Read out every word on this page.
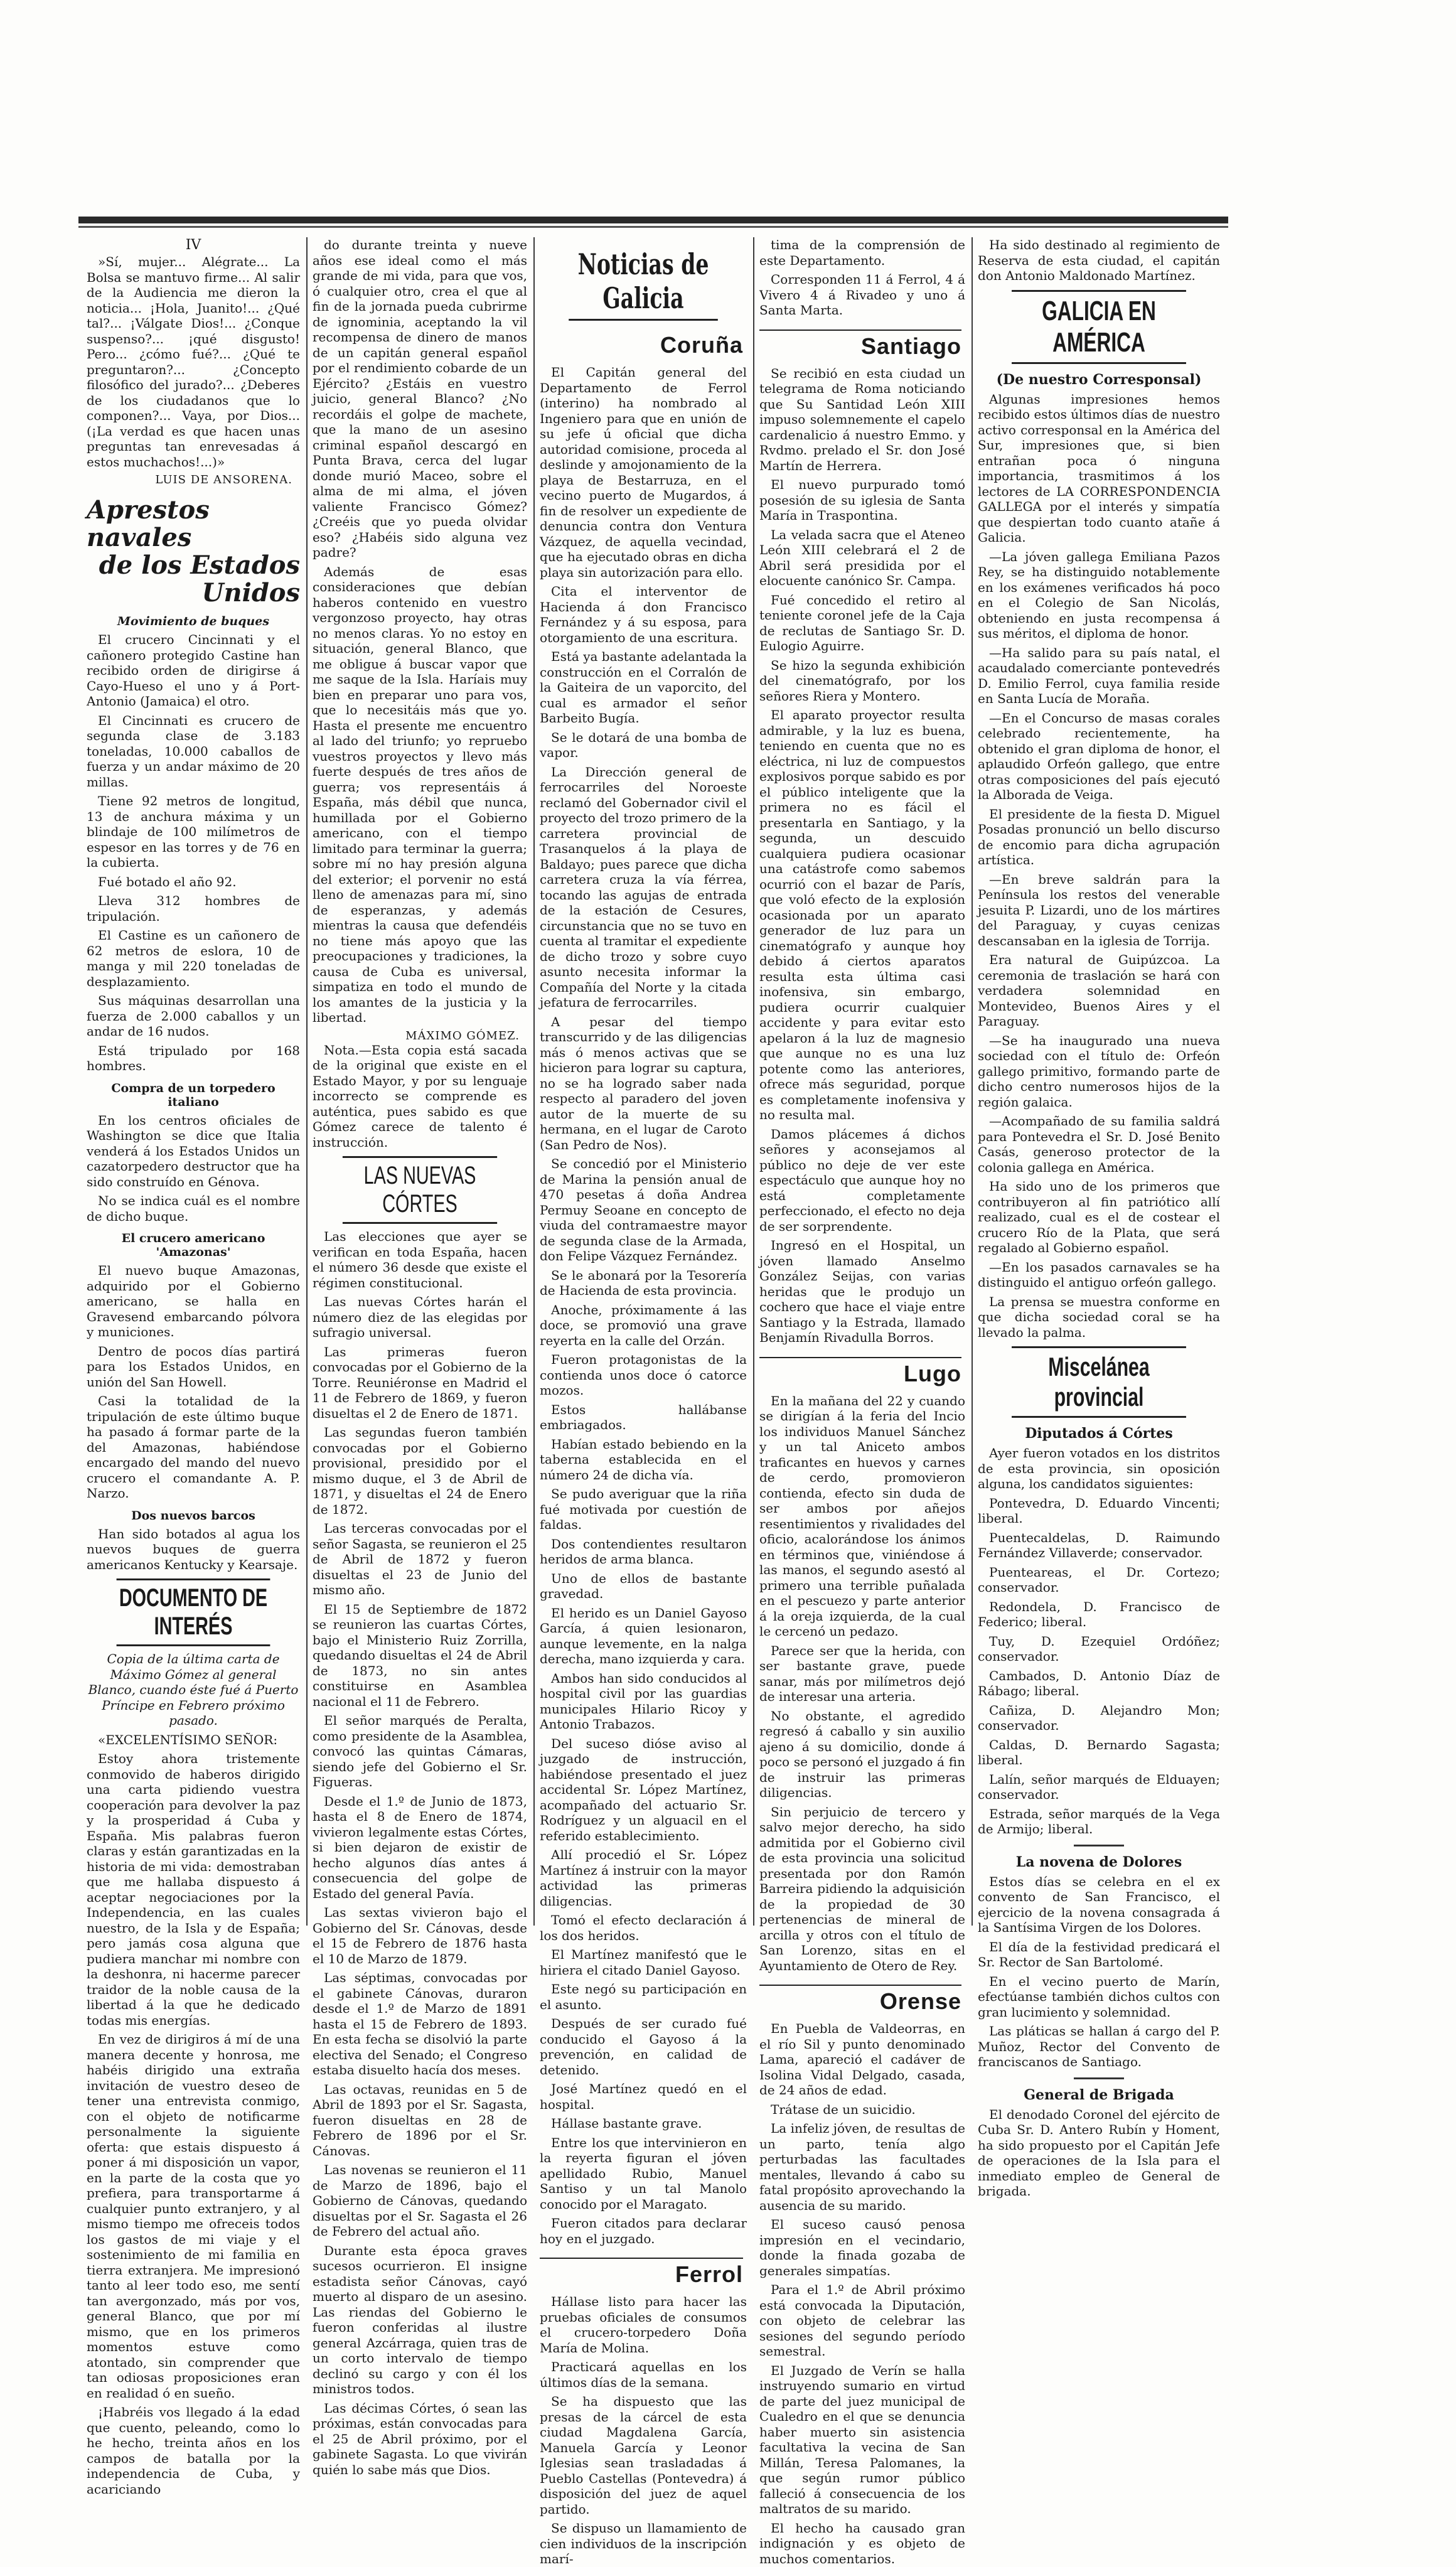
IV

»Sí, mujer... Alégrate... La Bolsa se mantuvo firme... Al salir de la Audiencia me dieron la noticia... ¡Hola, Juanito!... ¿Qué tal?... ¡Válgate Dios!... ¿Conque suspenso?... ¡qué disgusto! Pero... ¿cómo fué?... ¿Qué te preguntaron?... ¿Concepto filosófico del jurado?... ¿Deberes de los ciudadanos que lo componen?... Vaya, por Dios... (¡La verdad es que hacen unas preguntas tan enrevesadas á estos muchachos!...)»

LUIS DE ANSORENA.
Aprestos navales
de los Estados Unidos
Movimiento de buques

El crucero Cincinnati y el cañonero protegido Castine han recibido orden de dirigirse á Cayo-Hueso el uno y á Port-Antonio (Jamaica) el otro.

El Cincinnati es crucero de segunda clase de 3.183 toneladas, 10.000 caballos de fuerza y un andar máximo de 20 millas.

Tiene 92 metros de longitud, 13 de anchura máxima y un blindaje de 100 milímetros de espesor en las torres y de 76 en la cubierta.

Fué botado el año 92.

Lleva 312 hombres de tripulación.

El Castine es un cañonero de 62 metros de eslora, 10 de manga y mil 220 toneladas de desplazamiento.

Sus máquinas desarrollan una fuerza de 2.000 caballos y un andar de 16 nudos.

Está tripulado por 168 hombres.

Compra de un torpedero italiano

En los centros oficiales de Washington se dice que Italia venderá á los Estados Unidos un cazatorpedero destructor que ha sido construído en Génova.

No se indica cuál es el nombre de dicho buque.

El crucero americano 'Amazonas'

El nuevo buque Amazonas, adquirido por el Gobierno americano, se halla en Gravesend embarcando pólvora y municiones.

Dentro de pocos días partirá para los Estados Unidos, en unión del San Howell.

Casi la totalidad de la tripulación de este último buque ha pasado á formar parte de la del Amazonas, habiéndose encargado del mando del nuevo crucero el comandante A. P. Narzo.

Dos nuevos barcos

Han sido botados al agua los nuevos buques de guerra americanos Kentucky y Kearsaje.

DOCUMENTO DE INTERÉS

Copia de la última carta de Máximo Gómez al general Blanco, cuando éste fué á Puerto Príncipe en Febrero próximo pasado.

«EXCELENTÍSIMO SEÑOR:

Estoy ahora tristemente conmovido de haberos dirigido una carta pidiendo vuestra cooperación para devolver la paz y la prosperidad á Cuba y España. Mis palabras fueron claras y están garantizadas en la historia de mi vida: demostraban que me hallaba dispuesto á aceptar negociaciones por la Independencia, en las cuales nuestro, de la Isla y de España; pero jamás cosa alguna que pudiera manchar mi nombre con la deshonra, ni hacerme parecer traidor de la noble causa de la libertad á la que he dedicado todas mis energías.

En vez de dirigiros á mí de una manera decente y honrosa, me habéis dirigido una extraña invitación de vuestro deseo de tener una entrevista conmigo, con el objeto de notificarme personalmente la siguiente oferta: que estais dispuesto á poner á mi disposición un vapor, en la parte de la costa que yo prefiera, para transportarme á cualquier punto extranjero, y al mismo tiempo me ofreceis todos los gastos de mi viaje y el sostenimiento de mi familia en tierra extranjera. Me impresionó tanto al leer todo eso, me sentí tan avergonzado, más por vos, general Blanco, que por mí mismo, que en los primeros momentos estuve como atontado, sin comprender que tan odiosas proposiciones eran en realidad ó en sueño.

¡Habréis vos llegado á la edad que cuento, peleando, como lo he hecho, treinta años en los campos de batalla por la independencia de Cuba, y acariciando

do durante treinta y nueve años ese ideal como el más grande de mi vida, para que vos, ó cualquier otro, crea el que al fin de la jornada pueda cubrirme de ignominia, aceptando la vil recompensa de dinero de manos de un capitán general español por el rendimiento cobarde de un Ejército? ¿Estáis en vuestro juicio, general Blanco? ¿No recordáis el golpe de machete, que la mano de un asesino criminal español descargó en Punta Brava, cerca del lugar donde murió Maceo, sobre el alma de mi alma, el jóven valiente Francisco Gómez? ¿Creéis que yo pueda olvidar eso? ¿Habéis sido alguna vez padre?

Además de esas consideraciones que debían haberos contenido en vuestro vergonzoso proyecto, hay otras no menos claras. Yo no estoy en situación, general Blanco, que me obligue á buscar vapor que me saque de la Isla. Haríais muy bien en preparar uno para vos, que lo necesitáis más que yo. Hasta el presente me encuentro al lado del triunfo; yo repruebo vuestros proyectos y llevo más fuerte después de tres años de guerra; vos representáis á España, más débil que nunca, humillada por el Gobierno americano, con el tiempo limitado para terminar la guerra; sobre mí no hay presión alguna del exterior; el porvenir no está lleno de amenazas para mí, sino de esperanzas, y además mientras la causa que defendéis no tiene más apoyo que las preocupaciones y tradiciones, la causa de Cuba es universal, simpatiza en todo el mundo de los amantes de la justicia y la libertad.

MÁXIMO GÓMEZ.

Nota.—Esta copia está sacada de la original que existe en el Estado Mayor, y por su lenguaje incorrecto se comprende es auténtica, pues sabido es que Gómez carece de talento é instrucción.

LAS NUEVAS CÓRTES

Las elecciones que ayer se verifican en toda España, hacen el número 36 desde que existe el régimen constitucional.

Las nuevas Córtes harán el número diez de las elegidas por sufragio universal.

Las primeras fueron convocadas por el Gobierno de la Torre. Reuniéronse en Madrid el 11 de Febrero de 1869, y fueron disueltas el 2 de Enero de 1871.

Las segundas fueron también convocadas por el Gobierno provisional, presidido por el mismo duque, el 3 de Abril de 1871, y disueltas el 24 de Enero de 1872.

Las terceras convocadas por el señor Sagasta, se reunieron el 25 de Abril de 1872 y fueron disueltas el 23 de Junio del mismo año.

El 15 de Septiembre de 1872 se reunieron las cuartas Córtes, bajo el Ministerio Ruiz Zorrilla, quedando disueltas el 24 de Abril de 1873, no sin antes constituirse en Asamblea nacional el 11 de Febrero.

El señor marqués de Peralta, como presidente de la Asamblea, convocó las quintas Cámaras, siendo jefe del Gobierno el Sr. Figueras.

Desde el 1.º de Junio de 1873, hasta el 8 de Enero de 1874, vivieron legalmente estas Córtes, si bien dejaron de existir de hecho algunos días antes á consecuencia del golpe de Estado del general Pavía.

Las sextas vivieron bajo el Gobierno del Sr. Cánovas, desde el 15 de Febrero de 1876 hasta el 10 de Marzo de 1879.

Las séptimas, convocadas por el gabinete Cánovas, duraron desde el 1.º de Marzo de 1891 hasta el 15 de Febrero de 1893. En esta fecha se disolvió la parte electiva del Senado; el Congreso estaba disuelto hacía dos meses.

Las octavas, reunidas en 5 de Abril de 1893 por el Sr. Sagasta, fueron disueltas en 28 de Febrero de 1896 por el Sr. Cánovas.

Las novenas se reunieron el 11 de Marzo de 1896, bajo el Gobierno de Cánovas, quedando disueltas por el Sr. Sagasta el 26 de Febrero del actual año.

Durante esta época graves sucesos ocurrieron. El insigne estadista señor Cánovas, cayó muerto al disparo de un asesino. Las riendas del Gobierno le fueron conferidas al ilustre general Azcárraga, quien tras de un corto intervalo de tiempo declinó su cargo y con él los ministros todos.

Las décimas Córtes, ó sean las próximas, están convocadas para el 25 de Abril próximo, por el gabinete Sagasta. Lo que vivirán quién lo sabe más que Dios.

Noticias de Galicia
Coruña

El Capitán general del Departamento de Ferrol (interino) ha nombrado al Ingeniero para que en unión de su jefe ú oficial que dicha autoridad comisione, proceda al deslinde y amojonamiento de la playa de Bestarruza, en el vecino puerto de Mugardos, á fin de resolver un expediente de denuncia contra don Ventura Vázquez, de aquella vecindad, que ha ejecutado obras en dicha playa sin autorización para ello.

Cita el interventor de Hacienda á don Francisco Fernández y á su esposa, para otorgamiento de una escritura.

Está ya bastante adelantada la construcción en el Corralón de la Gaiteira de un vaporcito, del cual es armador el señor Barbeito Bugía.

Se le dotará de una bomba de vapor.

La Dirección general de ferrocarriles del Noroeste reclamó del Gobernador civil el proyecto del trozo primero de la carretera provincial de Trasanquelos á la playa de Baldayo; pues parece que dicha carretera cruza la vía férrea, tocando las agujas de entrada de la estación de Cesures, circunstancia que no se tuvo en cuenta al tramitar el expediente de dicho trozo y sobre cuyo asunto necesita informar la Compañía del Norte y la citada jefatura de ferrocarriles.

A pesar del tiempo transcurrido y de las diligencias más ó menos activas que se hicieron para lograr su captura, no se ha logrado saber nada respecto al paradero del joven autor de la muerte de su hermana, en el lugar de Caroto (San Pedro de Nos).

Se concedió por el Ministerio de Marina la pensión anual de 470 pesetas á doña Andrea Permuy Seoane en concepto de viuda del contramaestre mayor de segunda clase de la Armada, don Felipe Vázquez Fernández.

Se le abonará por la Tesorería de Hacienda de esta provincia.

Anoche, próximamente á las doce, se promovió una grave reyerta en la calle del Orzán.

Fueron protagonistas de la contienda unos doce ó catorce mozos.

Estos hallábanse embriagados.

Habían estado bebiendo en la taberna establecida en el número 24 de dicha vía.

Se pudo averiguar que la riña fué motivada por cuestión de faldas.

Dos contendientes resultaron heridos de arma blanca.

Uno de ellos de bastante gravedad.

El herido es un Daniel Gayoso García, á quien lesionaron, aunque levemente, en la nalga derecha, mano izquierda y cara.

Ambos han sido conducidos al hospital civil por las guardias municipales Hilario Ricoy y Antonio Trabazos.

Del suceso dióse aviso al juzgado de instrucción, habiéndose presentado el juez accidental Sr. López Martínez, acompañado del actuario Sr. Rodríguez y un alguacil en el referido establecimiento.

Allí procedió el Sr. López Martínez á instruir con la mayor actividad las primeras diligencias.

Tomó el efecto declaración á los dos heridos.

El Martínez manifestó que le hiriera el citado Daniel Gayoso.

Este negó su participación en el asunto.

Después de ser curado fué conducido el Gayoso á la prevención, en calidad de detenido.

José Martínez quedó en el hospital.

Hállase bastante grave.

Entre los que intervinieron en la reyerta figuran el jóven apellidado Rubio, Manuel Santiso y un tal Manolo conocido por el Maragato.

Fueron citados para declarar hoy en el juzgado.

Ferrol

Hállase listo para hacer las pruebas oficiales de consumos el crucero-torpedero Doña María de Molina.

Practicará aquellas en los últimos días de la semana.

Se ha dispuesto que las presas de la cárcel de esta ciudad Magdalena García, Manuela García y Leonor Iglesias sean trasladadas á Pueblo Castellas (Pontevedra) á disposición del juez de aquel partido.

Se dispuso un llamamiento de cien individuos de la inscripción marí-

tima de la comprensión de este Departamento.

Corresponden 11 á Ferrol, 4 á Vivero 4 á Rivadeo y uno á Santa Marta.

Santiago

Se recibió en esta ciudad un telegrama de Roma noticiando que Su Santidad León XIII impuso solemnemente el capelo cardenalicio á nuestro Emmo. y Rvdmo. prelado el Sr. don José Martín de Herrera.

El nuevo purpurado tomó posesión de su iglesia de Santa María in Traspontina.

La velada sacra que el Ateneo León XIII celebrará el 2 de Abril será presidida por el elocuente canónico Sr. Campa.

Fué concedido el retiro al teniente coronel jefe de la Caja de reclutas de Santiago Sr. D. Eulogio Aguirre.

Se hizo la segunda exhibición del cinematógrafo, por los señores Riera y Montero.

El aparato proyector resulta admirable, y la luz es buena, teniendo en cuenta que no es eléctrica, ni luz de compuestos explosivos porque sabido es por el público inteligente que la primera no es fácil el presentarla en Santiago, y la segunda, un descuido cualquiera pudiera ocasionar una catástrofe como sabemos ocurrió con el bazar de París, que voló efecto de la explosión ocasionada por un aparato generador de luz para un cinematógrafo y aunque hoy debido á ciertos aparatos resulta esta última casi inofensiva, sin embargo, pudiera ocurrir cualquier accidente y para evitar esto apelaron á la luz de magnesio que aunque no es una luz potente como las anteriores, ofrece más seguridad, porque es completamente inofensiva y no resulta mal.

Damos plácemes á dichos señores y aconsejamos al público no deje de ver este espectáculo que aunque hoy no está completamente perfeccionado, el efecto no deja de ser sorprendente.

Ingresó en el Hospital, un jóven llamado Anselmo González Seijas, con varias heridas que le produjo un cochero que hace el viaje entre Santiago y la Estrada, llamado Benjamín Rivadulla Borros.

Lugo

En la mañana del 22 y cuando se dirigían á la feria del Incio los individuos Manuel Sánchez y un tal Aniceto ambos traficantes en huevos y carnes de cerdo, promovieron contienda, efecto sin duda de ser ambos por añejos resentimientos y rivalidades del oficio, acalorándose los ánimos en términos que, viniéndose á las manos, el segundo asestó al primero una terrible puñalada en el pescuezo y parte anterior á la oreja izquierda, de la cual le cercenó un pedazo.

Parece ser que la herida, con ser bastante grave, puede sanar, más por milímetros dejó de interesar una arteria.

No obstante, el agredido regresó á caballo y sin auxilio ajeno á su domicilio, donde á poco se personó el juzgado á fin de instruir las primeras diligencias.

Sin perjuicio de tercero y salvo mejor derecho, ha sido admitida por el Gobierno civil de esta provincia una solicitud presentada por don Ramón Barreira pidiendo la adquisición de la propiedad de 30 pertenencias de mineral de arcilla y otros con el título de San Lorenzo, sitas en el Ayuntamiento de Otero de Rey.

Orense

En Puebla de Valdeorras, en el río Sil y punto denominado Lama, apareció el cadáver de Isolina Vidal Delgado, casada, de 24 años de edad.

Trátase de un suicidio.

La infeliz jóven, de resultas de un parto, tenía algo perturbadas las facultades mentales, llevando á cabo su fatal propósito aprovechando la ausencia de su marido.

El suceso causó penosa impresión en el vecindario, donde la finada gozaba de generales simpatías.

Para el 1.º de Abril próximo está convocada la Diputación, con objeto de celebrar las sesiones del segundo período semestral.

El Juzgado de Verín se halla instruyendo sumario en virtud de parte del juez municipal de Cualedro en el que se denuncia haber muerto sin asistencia facultativa la vecina de San Millán, Teresa Palomanes, la que según rumor público falleció á consecuencia de los maltratos de su marido.

El hecho ha causado gran indignación y es objeto de muchos comentarios.

Ha sido destinado al regimiento de Reserva de esta ciudad, el capitán don Antonio Maldonado Martínez.

GALICIA EN AMÉRICA
(De nuestro Corresponsal)

Algunas impresiones hemos recibido estos últimos días de nuestro activo corresponsal en la América del Sur, impresiones que, si bien entrañan poca ó ninguna importancia, trasmitimos á los lectores de LA CORRESPONDENCIA GALLEGA por el interés y simpatía que despiertan todo cuanto atañe á Galicia.

—La jóven gallega Emiliana Pazos Rey, se ha distinguido notablemente en los exámenes verificados há poco en el Colegio de San Nicolás, obteniendo en justa recompensa á sus méritos, el diploma de honor.

—Ha salido para su país natal, el acaudalado comerciante pontevedrés D. Emilio Ferrol, cuya familia reside en Santa Lucía de Moraña.

—En el Concurso de masas corales celebrado recientemente, ha obtenido el gran diploma de honor, el aplaudido Orfeón gallego, que entre otras composiciones del país ejecutó la Alborada de Veiga.

El presidente de la fiesta D. Miguel Posadas pronunció un bello discurso de encomio para dicha agrupación artística.

—En breve saldrán para la Península los restos del venerable jesuita P. Lizardi, uno de los mártires del Paraguay, y cuyas cenizas descansaban en la iglesia de Torrija.

Era natural de Guipúzcoa. La ceremonia de traslación se hará con verdadera solemnidad en Montevideo, Buenos Aires y el Paraguay.

—Se ha inaugurado una nueva sociedad con el título de: Orfeón gallego primitivo, formando parte de dicho centro numerosos hijos de la región galaica.

—Acompañado de su familia saldrá para Pontevedra el Sr. D. José Benito Casás, generoso protector de la colonia gallega en América.

Ha sido uno de los primeros que contribuyeron al fin patriótico allí realizado, cual es el de costear el crucero Río de la Plata, que será regalado al Gobierno español.

—En los pasados carnavales se ha distinguido el antiguo orfeón gallego.

La prensa se muestra conforme en que dicha sociedad coral se ha llevado la palma.

Miscelánea provincial
Diputados á Córtes

Ayer fueron votados en los distritos de esta provincia, sin oposición alguna, los candidatos siguientes:

Pontevedra, D. Eduardo Vincenti; liberal.

Puentecaldelas, D. Raimundo Fernández Villaverde; conservador.

Puenteareas, el Dr. Cortezo; conservador.

Redondela, D. Francisco de Federico; liberal.

Tuy, D. Ezequiel Ordóñez; conservador.

Cambados, D. Antonio Díaz de Rábago; liberal.

Cañiza, D. Alejandro Mon; conservador.

Caldas, D. Bernardo Sagasta; liberal.

Lalín, señor marqués de Elduayen; conservador.

Estrada, señor marqués de la Vega de Armijo; liberal.

La novena de Dolores

Estos días se celebra en el ex convento de San Francisco, el ejercicio de la novena consagrada á la Santísima Virgen de los Dolores.

El día de la festividad predicará el Sr. Rector de San Bartolomé.

En el vecino puerto de Marín, efectúanse también dichos cultos con gran lucimiento y solemnidad.

Las pláticas se hallan á cargo del P. Muñoz, Rector del Convento de franciscanos de Santiago.

General de Brigada

El denodado Coronel del ejército de Cuba Sr. D. Antero Rubín y Homent, ha sido propuesto por el Capitán Jefe de operaciones de la Isla para el inmediato empleo de General de brigada.
